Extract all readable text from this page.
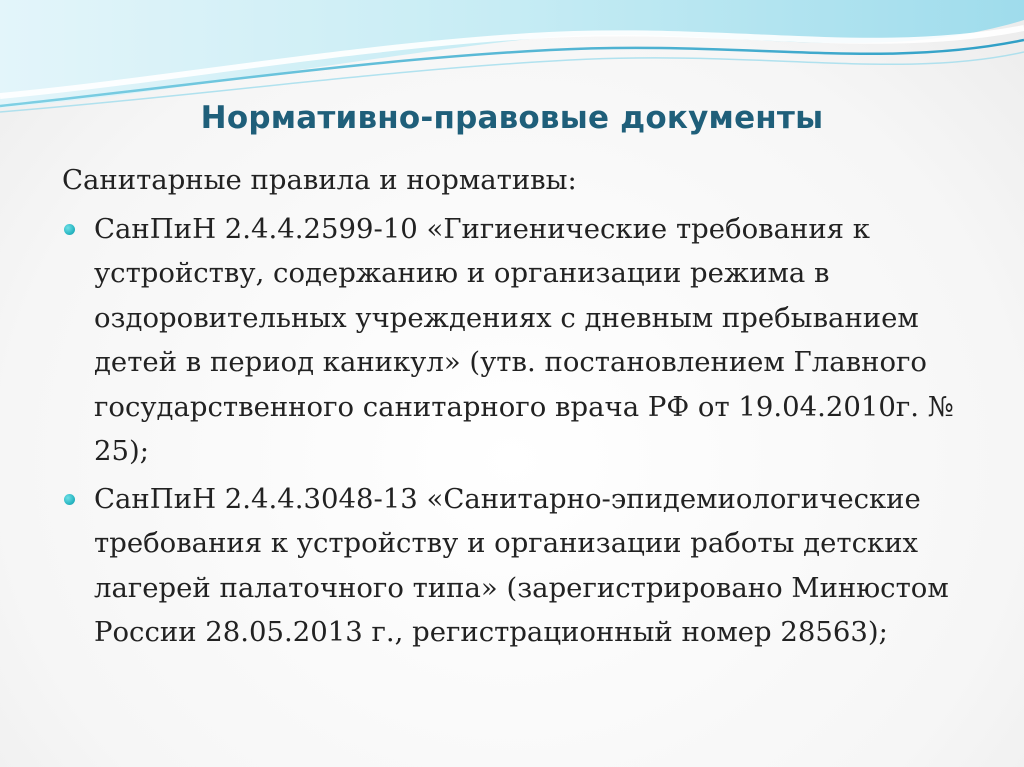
Нормативно-правовые документы
Санитарные правила и нормативы:
СанПиН 2.4.4.2599-10 «Гигиенические требования к устройству, содержанию и организации режима в оздоровительных учреждениях с дневным пребыванием детей в период каникул» (утв. постановлением Главного государственного санитарного врача РФ от 19.04.2010г. № 25);
СанПиН 2.4.4.3048-13 «Санитарно-эпидемиологические требования к устройству и организации работы детских лагерей палаточного типа» (зарегистрировано Минюстом России 28.05.2013 г., регистрационный номер 28563);
